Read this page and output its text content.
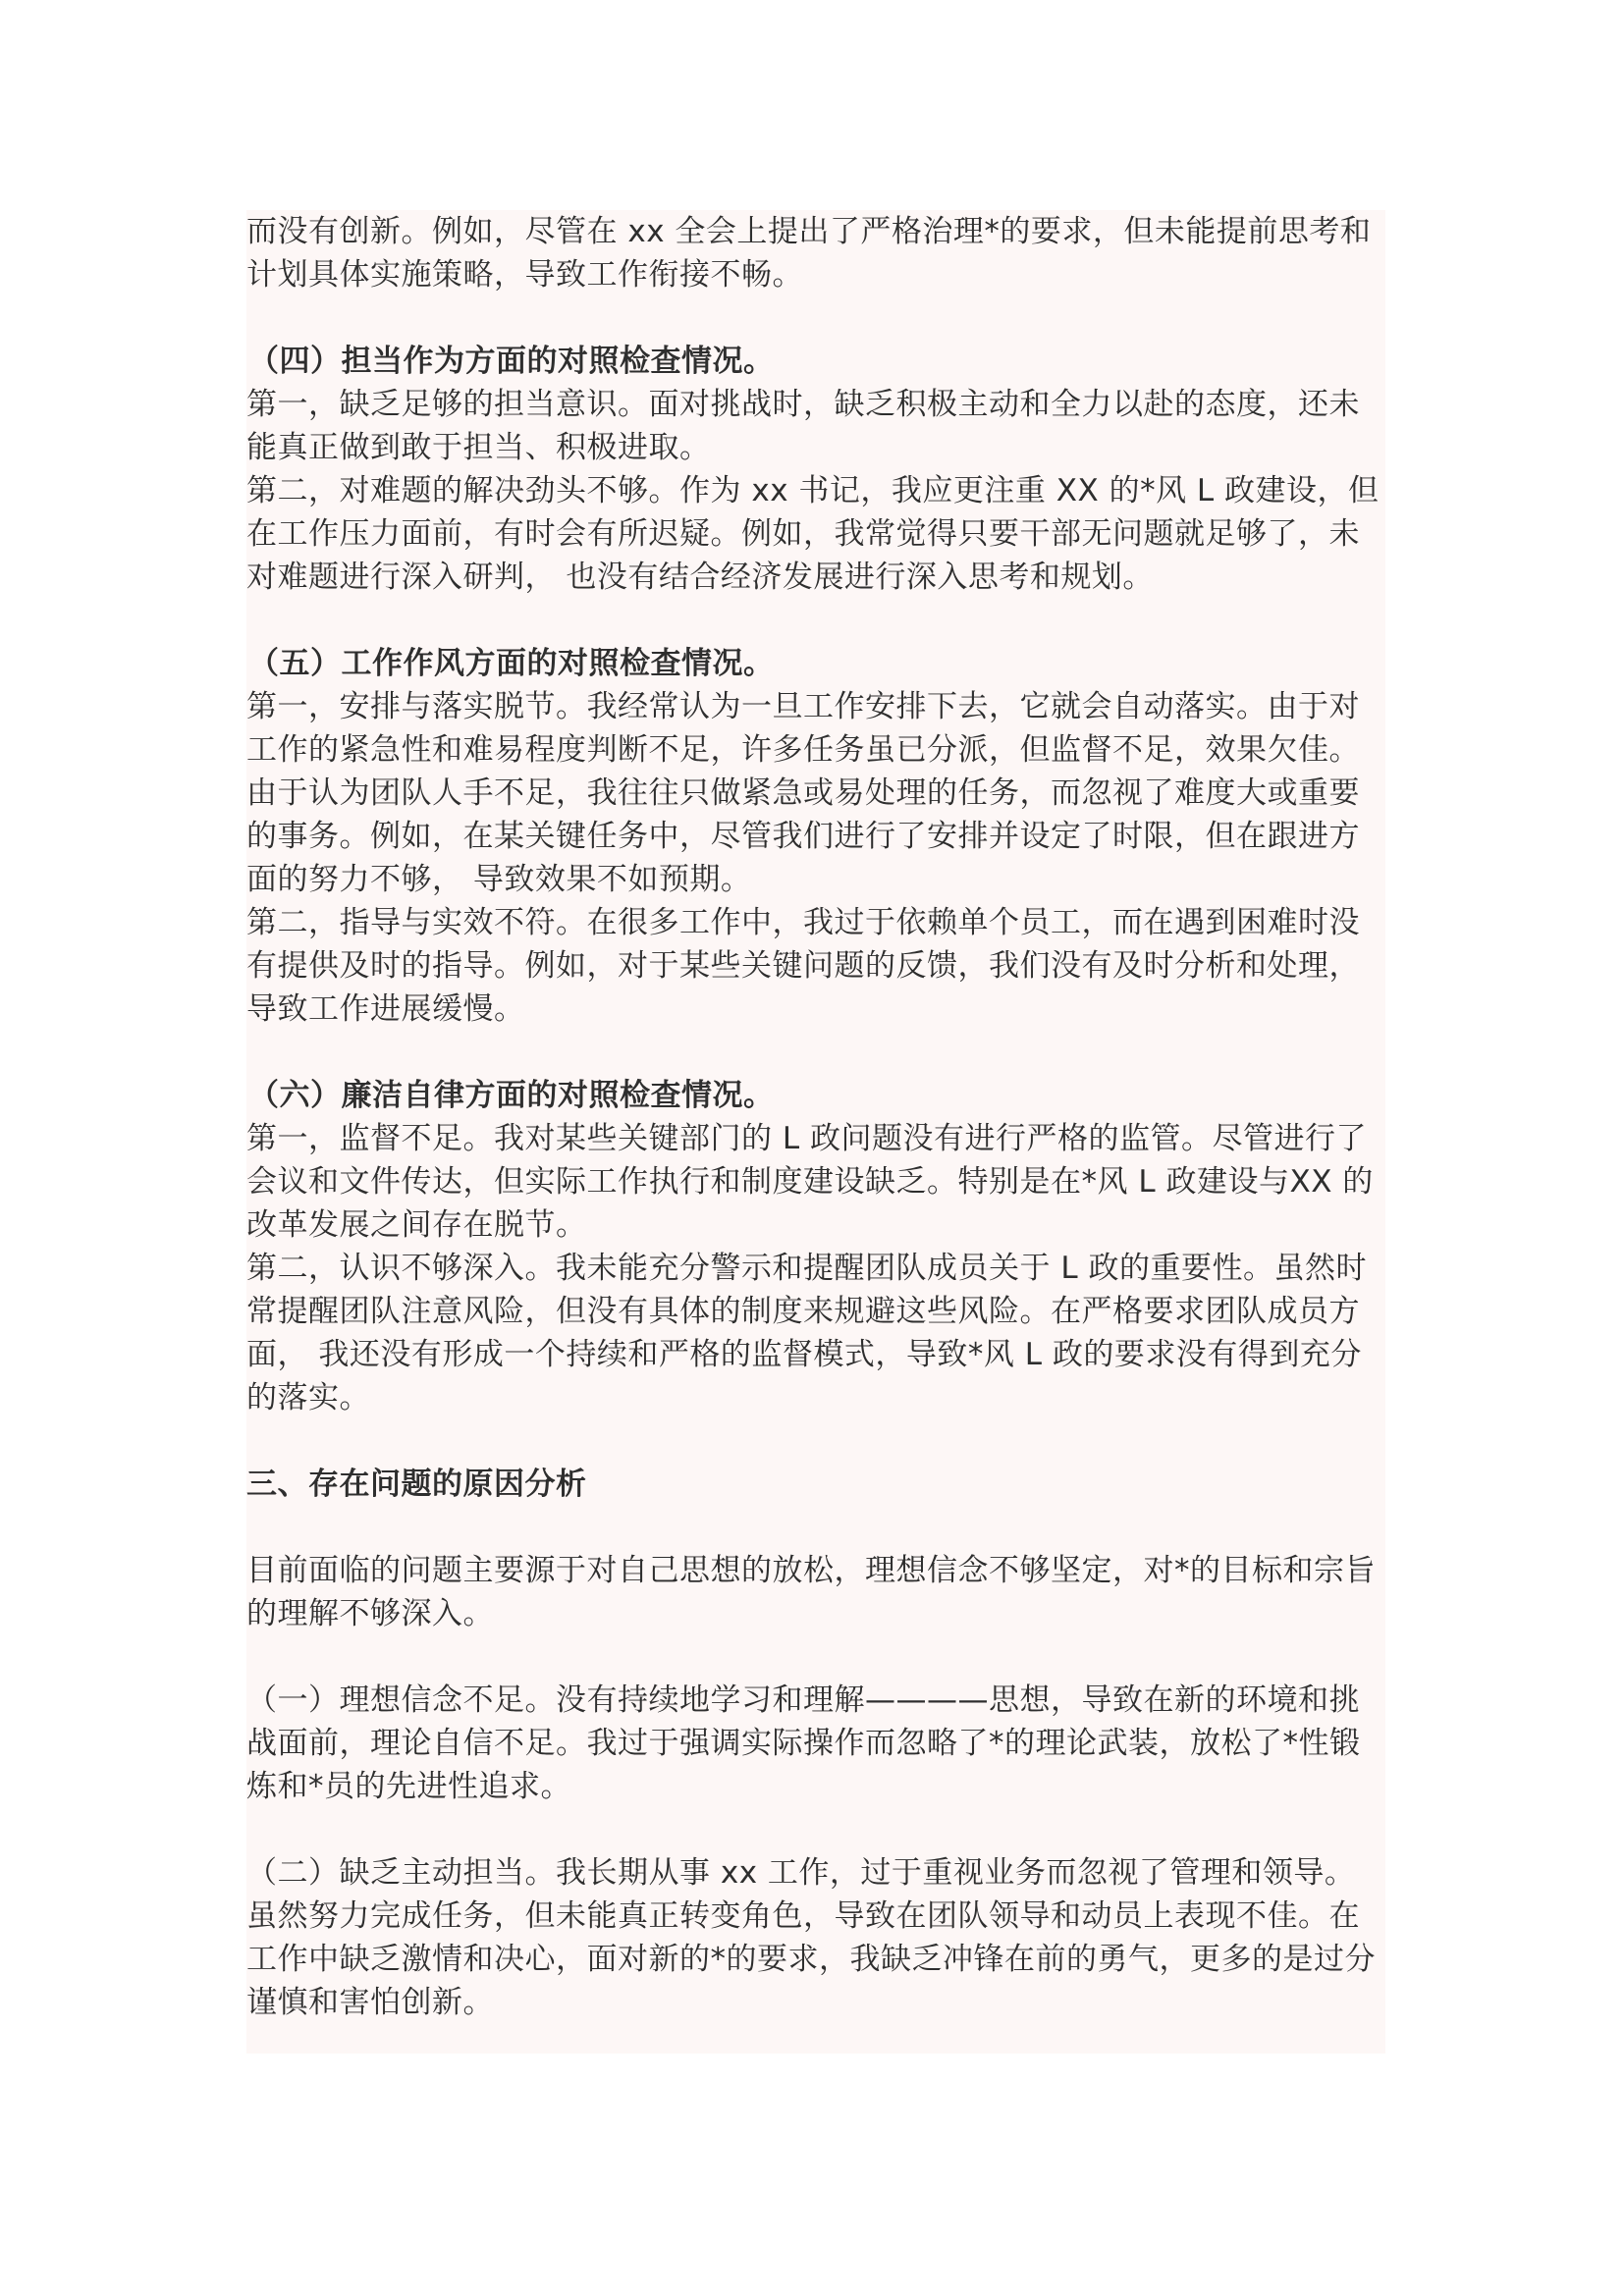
而没有创新。例如，尽管在 xx 全会上提出了严格治理*的要求，但未能提前思考和计划具体实施策略，导致工作衔接不畅。

（四）担当作为方面的对照检查情况。

第一，缺乏足够的担当意识。面对挑战时，缺乏积极主动和全力以赴的态度，还未能真正做到敢于担当、积极进取。

第二，对难题的解决劲头不够。作为 xx 书记，我应更注重 XX 的*风 L 政建设，但在工作压力面前，有时会有所迟疑。例如，我常觉得只要干部无问题就足够了，未对难题进行深入研判， 也没有结合经济发展进行深入思考和规划。

（五）工作作风方面的对照检查情况。

第一，安排与落实脱节。我经常认为一旦工作安排下去，它就会自动落实。由于对工作的紧急性和难易程度判断不足，许多任务虽已分派，但监督不足，效果欠佳。由于认为团队人手不足，我往往只做紧急或易处理的任务，而忽视了难度大或重要的事务。例如，在某关键任务中，尽管我们进行了安排并设定了时限，但在跟进方面的努力不够， 导致效果不如预期。

第二，指导与实效不符。在很多工作中，我过于依赖单个员工，而在遇到困难时没有提供及时的指导。例如，对于某些关键问题的反馈，我们没有及时分析和处理， 导致工作进展缓慢。

（六）廉洁自律方面的对照检查情况。

第一，监督不足。我对某些关键部门的 L 政问题没有进行严格的监管。尽管进行了会议和文件传达，但实际工作执行和制度建设缺乏。特别是在*风 L 政建设与XX 的改革发展之间存在脱节。

第二，认识不够深入。我未能充分警示和提醒团队成员关于 L 政的重要性。虽然时常提醒团队注意风险，但没有具体的制度来规避这些风险。在严格要求团队成员方面， 我还没有形成一个持续和严格的监督模式，导致*风 L 政的要求没有得到充分的落实。

三、存在问题的原因分析

目前面临的问题主要源于对自己思想的放松，理想信念不够坚定，对*的目标和宗旨的理解不够深入。

（一）理想信念不足。没有持续地学习和理解————思想，导致在新的环境和挑战面前，理论自信不足。我过于强调实际操作而忽略了*的理论武装，放松了*性锻炼和*员的先进性追求。

（二）缺乏主动担当。我长期从事 xx 工作，过于重视业务而忽视了管理和领导。虽然努力完成任务，但未能真正转变角色，导致在团队领导和动员上表现不佳。在工作中缺乏激情和决心，面对新的*的要求，我缺乏冲锋在前的勇气，更多的是过分谨慎和害怕创新。
